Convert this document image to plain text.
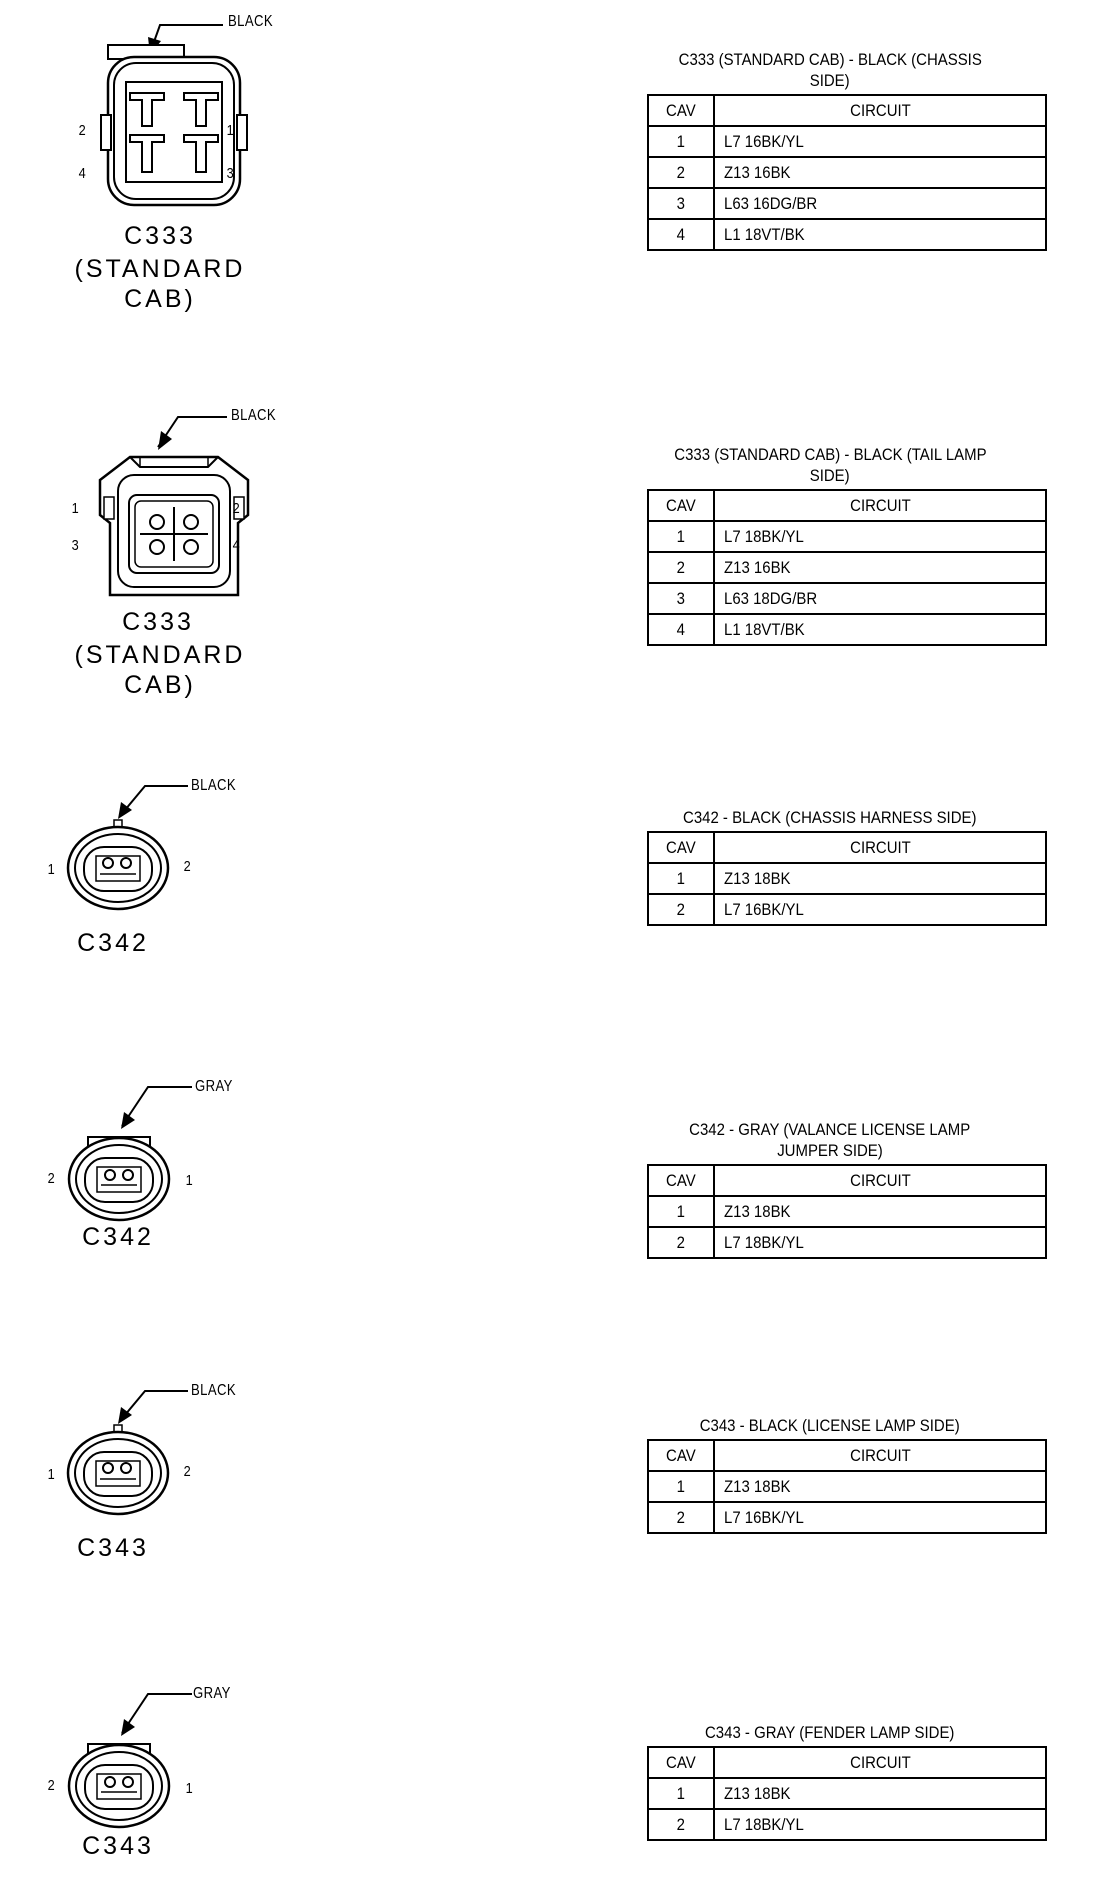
BLACK
2	1
4	3
C333
(STANDARD CAB)
C333 (STANDARD CAB) - BLACK (CHASSIS
SIDE)
CAV	CIRCUIT
1	L7 16BK/YL
2	Z13 16BK
3	L63 16DG/BR
4	L1 18VT/BK
BLACK
1	2
3	4
C333
(STANDARD CAB)
C333 (STANDARD CAB) - BLACK (TAIL LAMP
SIDE)
CAV	CIRCUIT
1	L7 18BK/YL
2	Z13 16BK
3	L63 18DG/BR
4	L1 18VT/BK
BLACK
1	2
C342
C342 - BLACK (CHASSIS HARNESS SIDE)
CAV	CIRCUIT
1	Z13 18BK
2	L7 16BK/YL
GRAY
2	1
C342
C342 - GRAY (VALANCE LICENSE LAMP
JUMPER SIDE)
CAV	CIRCUIT
1	Z13 18BK
2	L7 18BK/YL
BLACK
1	2
C343
C343 - BLACK (LICENSE LAMP SIDE)
CAV	CIRCUIT
1	Z13 18BK
2	L7 16BK/YL
GRAY
2	1
C343
C343 - GRAY (FENDER LAMP SIDE)
CAV	CIRCUIT
1	Z13 18BK
2	L7 18BK/YL
